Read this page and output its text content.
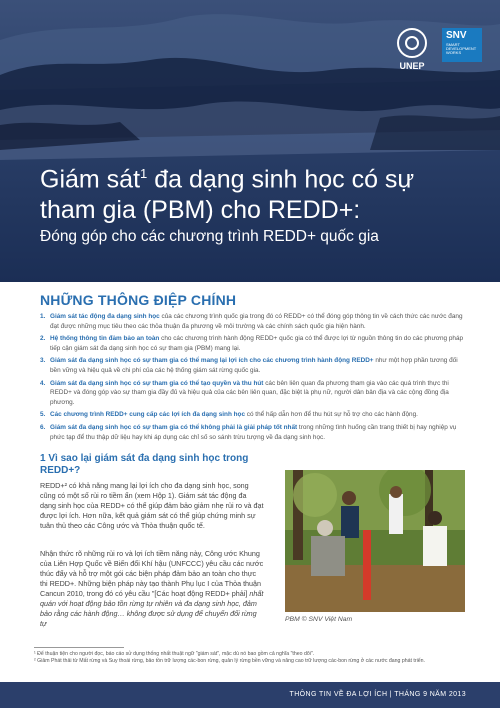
UNEP
SNV
SMART DEVELOPMENT WORKS
Giám sát$^1$ đa dạng sinh học có sự tham gia (PBM) cho REDD+:
Đóng góp cho các chương trình REDD+ quốc gia
NHỮNG THÔNG ĐIỆP CHÍNH
1. Giám sát tác động đa dạng sinh học của các chương trình quốc gia trong đó có REDD+ có thể đóng góp thông tin về cách thức các nước đang đạt được những mục tiêu theo các thỏa thuận đa phương về môi trường và các chính sách quốc gia hiện hành.
2. Hệ thống thông tin đảm bảo an toàn cho các chương trình hành động REDD+ quốc gia có thể được lợi từ nguồn thông tin do các phương pháp tiếp cận giám sát đa dạng sinh học có sự tham gia (PBM) mang lại.
3. Giám sát đa dạng sinh học có sự tham gia có thể mang lại lợi ích cho các chương trình hành động REDD+ như một hợp phần tương đối bền vững và hiệu quả về chi phí của các hệ thống giám sát rừng quốc gia.
4. Giám sát đa dạng sinh học có sự tham gia có thể tạo quyền và thu hút các bên liên quan đa phương tham gia vào các quá trình thực thi REDD+ và đóng góp vào sự tham gia đầy đủ và hiệu quả của các bên liên quan, đặc biệt là phụ nữ, người dân bản địa và các cộng đồng địa phương.
5. Các chương trình REDD+ cung cấp các lợi ích đa dạng sinh học có thể hấp dẫn hơn để thu hút sự hỗ trợ cho các hành động.
6. Giám sát đa dạng sinh học có sự tham gia có thể không phải là giải pháp tốt nhất trong những tình huống cần trang thiết bị hay nghiệp vụ phức tạp để thu thập dữ liệu hay khi áp dụng các chỉ số so sánh trừu tượng về đa dạng sinh học.
1 Vì sao lại giám sát đa dạng sinh học trong REDD+?

REDD+² có khả năng mang lại lợi ích cho đa dạng sinh học, song cũng có một số rủi ro tiềm ẩn (xem Hộp 1). Giám sát tác động đa dạng sinh học của REDD+ có thể giúp đảm bảo giảm nhẹ rủi ro và đạt được lợi ích. Hơn nữa, kết quả giám sát có thể giúp chứng minh sự tuân thủ theo các Công ước và Thỏa thuận quốc tế.

Nhận thức rõ những rủi ro và lợi ích tiềm năng này, Công ước Khung của Liên Hợp Quốc về Biến đổi Khí hậu (UNFCCC) yêu cầu các nước thúc đẩy và hỗ trợ một gói các biện pháp đảm bảo an toàn cho thực thi REDD+. Những biện pháp này tạo thành Phụ lục I của Thỏa thuận Cancun 2010, trong đó có yêu cầu "[Các hoạt động REDD+ phải] nhất quán với hoạt động bảo tồn rừng tự nhiên và đa dạng sinh học, đảm bảo rằng các hành động… không được sử dụng để chuyển đổi rừng tự	PBM © SNV Việt Nam
¹ Để thuận tiện cho người đọc, báo cáo sử dụng thống nhất thuật ngữ "giám sát", mặc dù nó bao gồm cả nghĩa "theo dõi".
² Giảm Phát thải từ Mất rừng và Suy thoái rừng, bảo tồn trữ lượng các-bon rừng, quản lý rừng bền vững và nâng cao trữ lượng các-bon rừng ở các nước đang phát triển.
THÔNG TIN VỀ ĐA LỢI ÍCH | THÁNG 9 NĂM 2013
